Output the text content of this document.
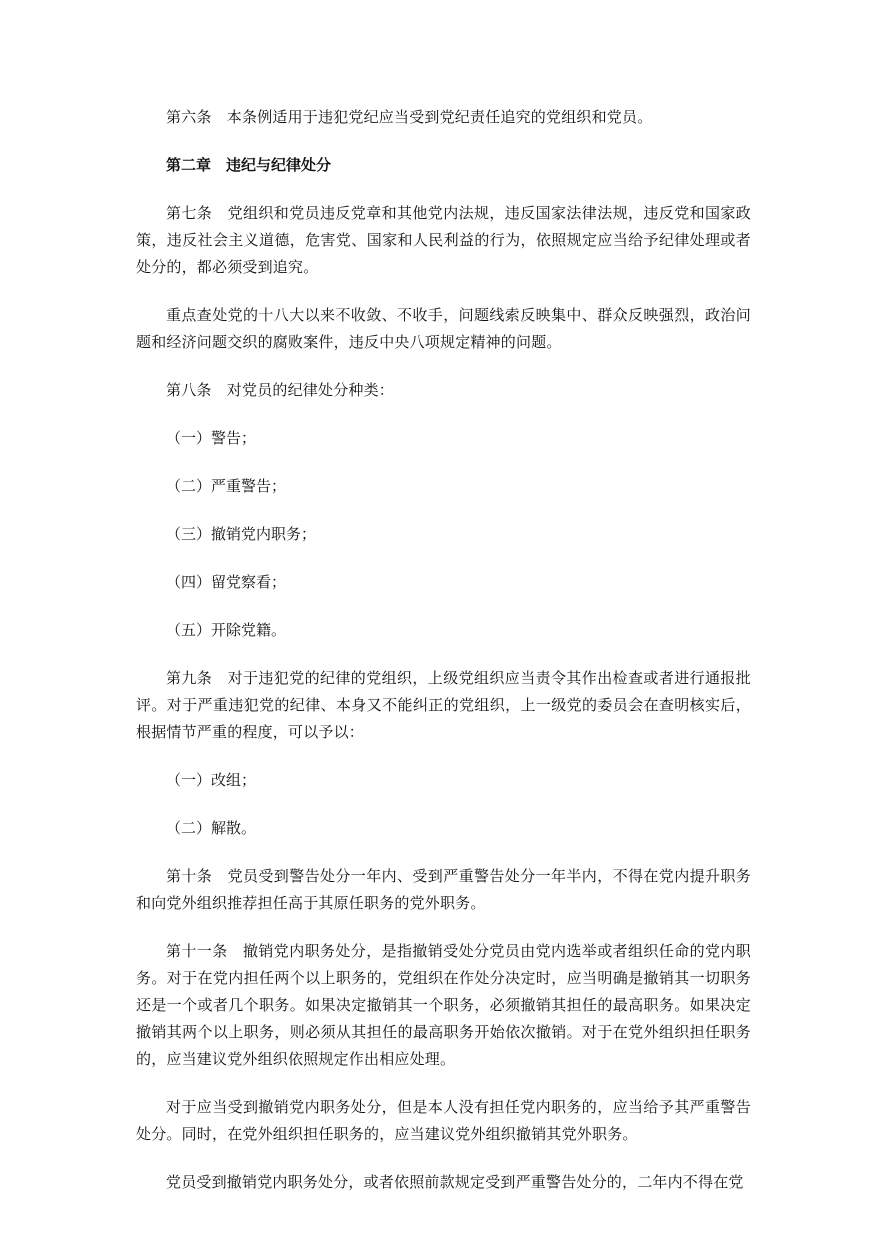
第六条　本条例适用于违犯党纪应当受到党纪责任追究的党组织和党员。

第二章　违纪与纪律处分

第七条　党组织和党员违反党章和其他党内法规，违反国家法律法规，违反党和国家政策，违反社会主义道德，危害党、国家和人民利益的行为，依照规定应当给予纪律处理或者处分的，都必须受到追究。

重点查处党的十八大以来不收敛、不收手，问题线索反映集中、群众反映强烈，政治问题和经济问题交织的腐败案件，违反中央八项规定精神的问题。

第八条　对党员的纪律处分种类：

（一）警告；

（二）严重警告；

（三）撤销党内职务；

（四）留党察看；

（五）开除党籍。

第九条　对于违犯党的纪律的党组织，上级党组织应当责令其作出检查或者进行通报批评。对于严重违犯党的纪律、本身又不能纠正的党组织，上一级党的委员会在查明核实后，根据情节严重的程度，可以予以：

（一）改组；

（二）解散。

第十条　党员受到警告处分一年内、受到严重警告处分一年半内，不得在党内提升职务和向党外组织推荐担任高于其原任职务的党外职务。

第十一条　撤销党内职务处分，是指撤销受处分党员由党内选举或者组织任命的党内职务。对于在党内担任两个以上职务的，党组织在作处分决定时，应当明确是撤销其一切职务还是一个或者几个职务。如果决定撤销其一个职务，必须撤销其担任的最高职务。如果决定撤销其两个以上职务，则必须从其担任的最高职务开始依次撤销。对于在党外组织担任职务的，应当建议党外组织依照规定作出相应处理。

对于应当受到撤销党内职务处分，但是本人没有担任党内职务的，应当给予其严重警告处分。同时，在党外组织担任职务的，应当建议党外组织撤销其党外职务。

党员受到撤销党内职务处分，或者依照前款规定受到严重警告处分的，二年内不得在党
